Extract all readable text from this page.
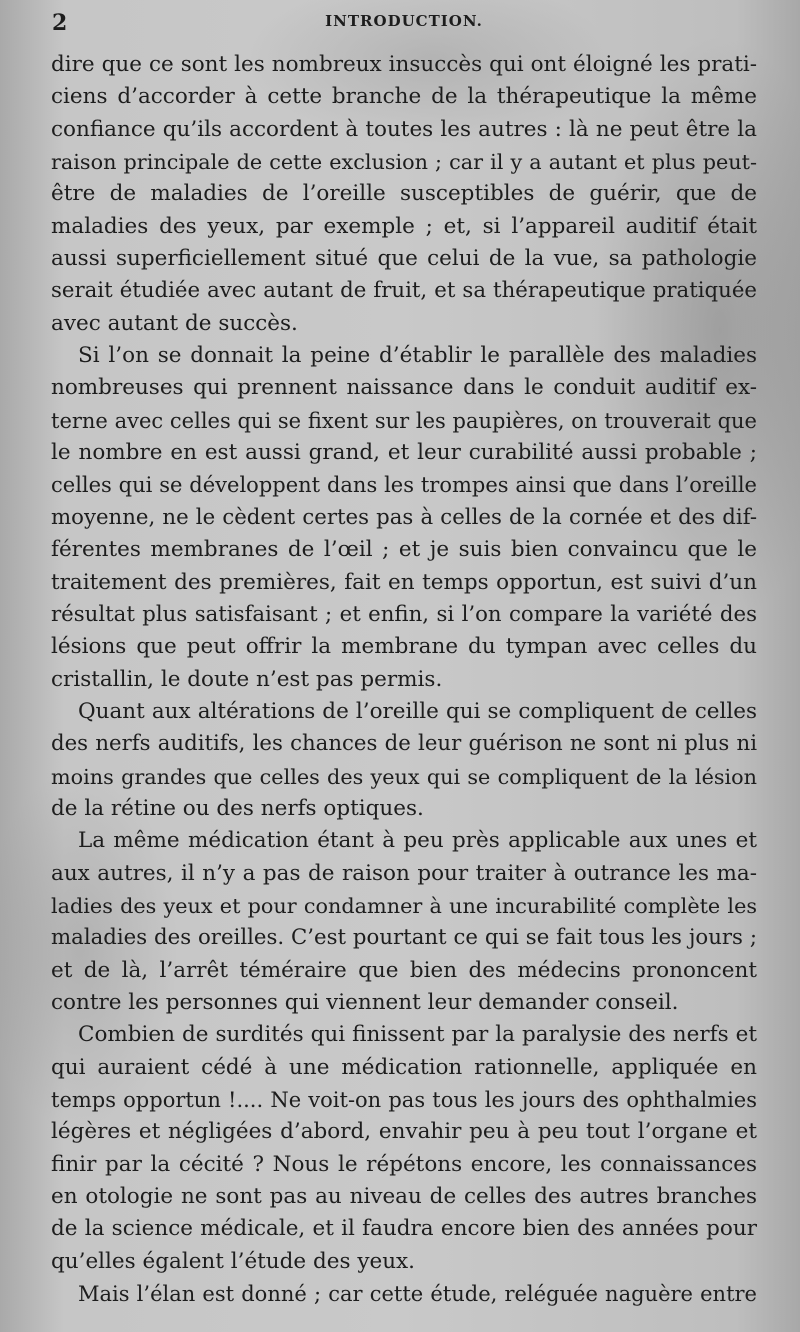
2	INTRODUCTION.
dire que ce sont les nombreux insuccès qui ont éloigné les prati-
ciens d’accorder à cette branche de la thérapeutique la même
confiance qu’ils accordent à toutes les autres : là ne peut être la
raison principale de cette exclusion ; car il y a autant et plus peut-
être de maladies de l’oreille susceptibles de guérir, que de
maladies des yeux, par exemple ; et, si l’appareil auditif était
aussi superficiellement situé que celui de la vue, sa pathologie
serait étudiée avec autant de fruit, et sa thérapeutique pratiquée
avec autant de succès.
Si l’on se donnait la peine d’établir le parallèle des maladies
nombreuses qui prennent naissance dans le conduit auditif ex-
terne avec celles qui se fixent sur les paupières, on trouverait que
le nombre en est aussi grand, et leur curabilité aussi probable ;
celles qui se développent dans les trompes ainsi que dans l’oreille
moyenne, ne le cèdent certes pas à celles de la cornée et des dif-
férentes membranes de l’œil ; et je suis bien convaincu que le
traitement des premières, fait en temps opportun, est suivi d’un
résultat plus satisfaisant ; et enfin, si l’on compare la variété des
lésions que peut offrir la membrane du tympan avec celles du
cristallin, le doute n’est pas permis.
Quant aux altérations de l’oreille qui se compliquent de celles
des nerfs auditifs, les chances de leur guérison ne sont ni plus ni
moins grandes que celles des yeux qui se compliquent de la lésion
de la rétine ou des nerfs optiques.
La même médication étant à peu près applicable aux unes et
aux autres, il n’y a pas de raison pour traiter à outrance les ma-
ladies des yeux et pour condamner à une incurabilité complète les
maladies des oreilles. C’est pourtant ce qui se fait tous les jours ;
et de là, l’arrêt téméraire que bien des médecins prononcent
contre les personnes qui viennent leur demander conseil.
Combien de surdités qui finissent par la paralysie des nerfs et
qui auraient cédé à une médication rationnelle, appliquée en
temps opportun !.... Ne voit-on pas tous les jours des ophthalmies
légères et négligées d’abord, envahir peu à peu tout l’organe et
finir par la cécité ? Nous le répétons encore, les connaissances
en otologie ne sont pas au niveau de celles des autres branches
de la science médicale, et il faudra encore bien des années pour
qu’elles égalent l’étude des yeux.
Mais l’élan est donné ; car cette étude, reléguée naguère entre
